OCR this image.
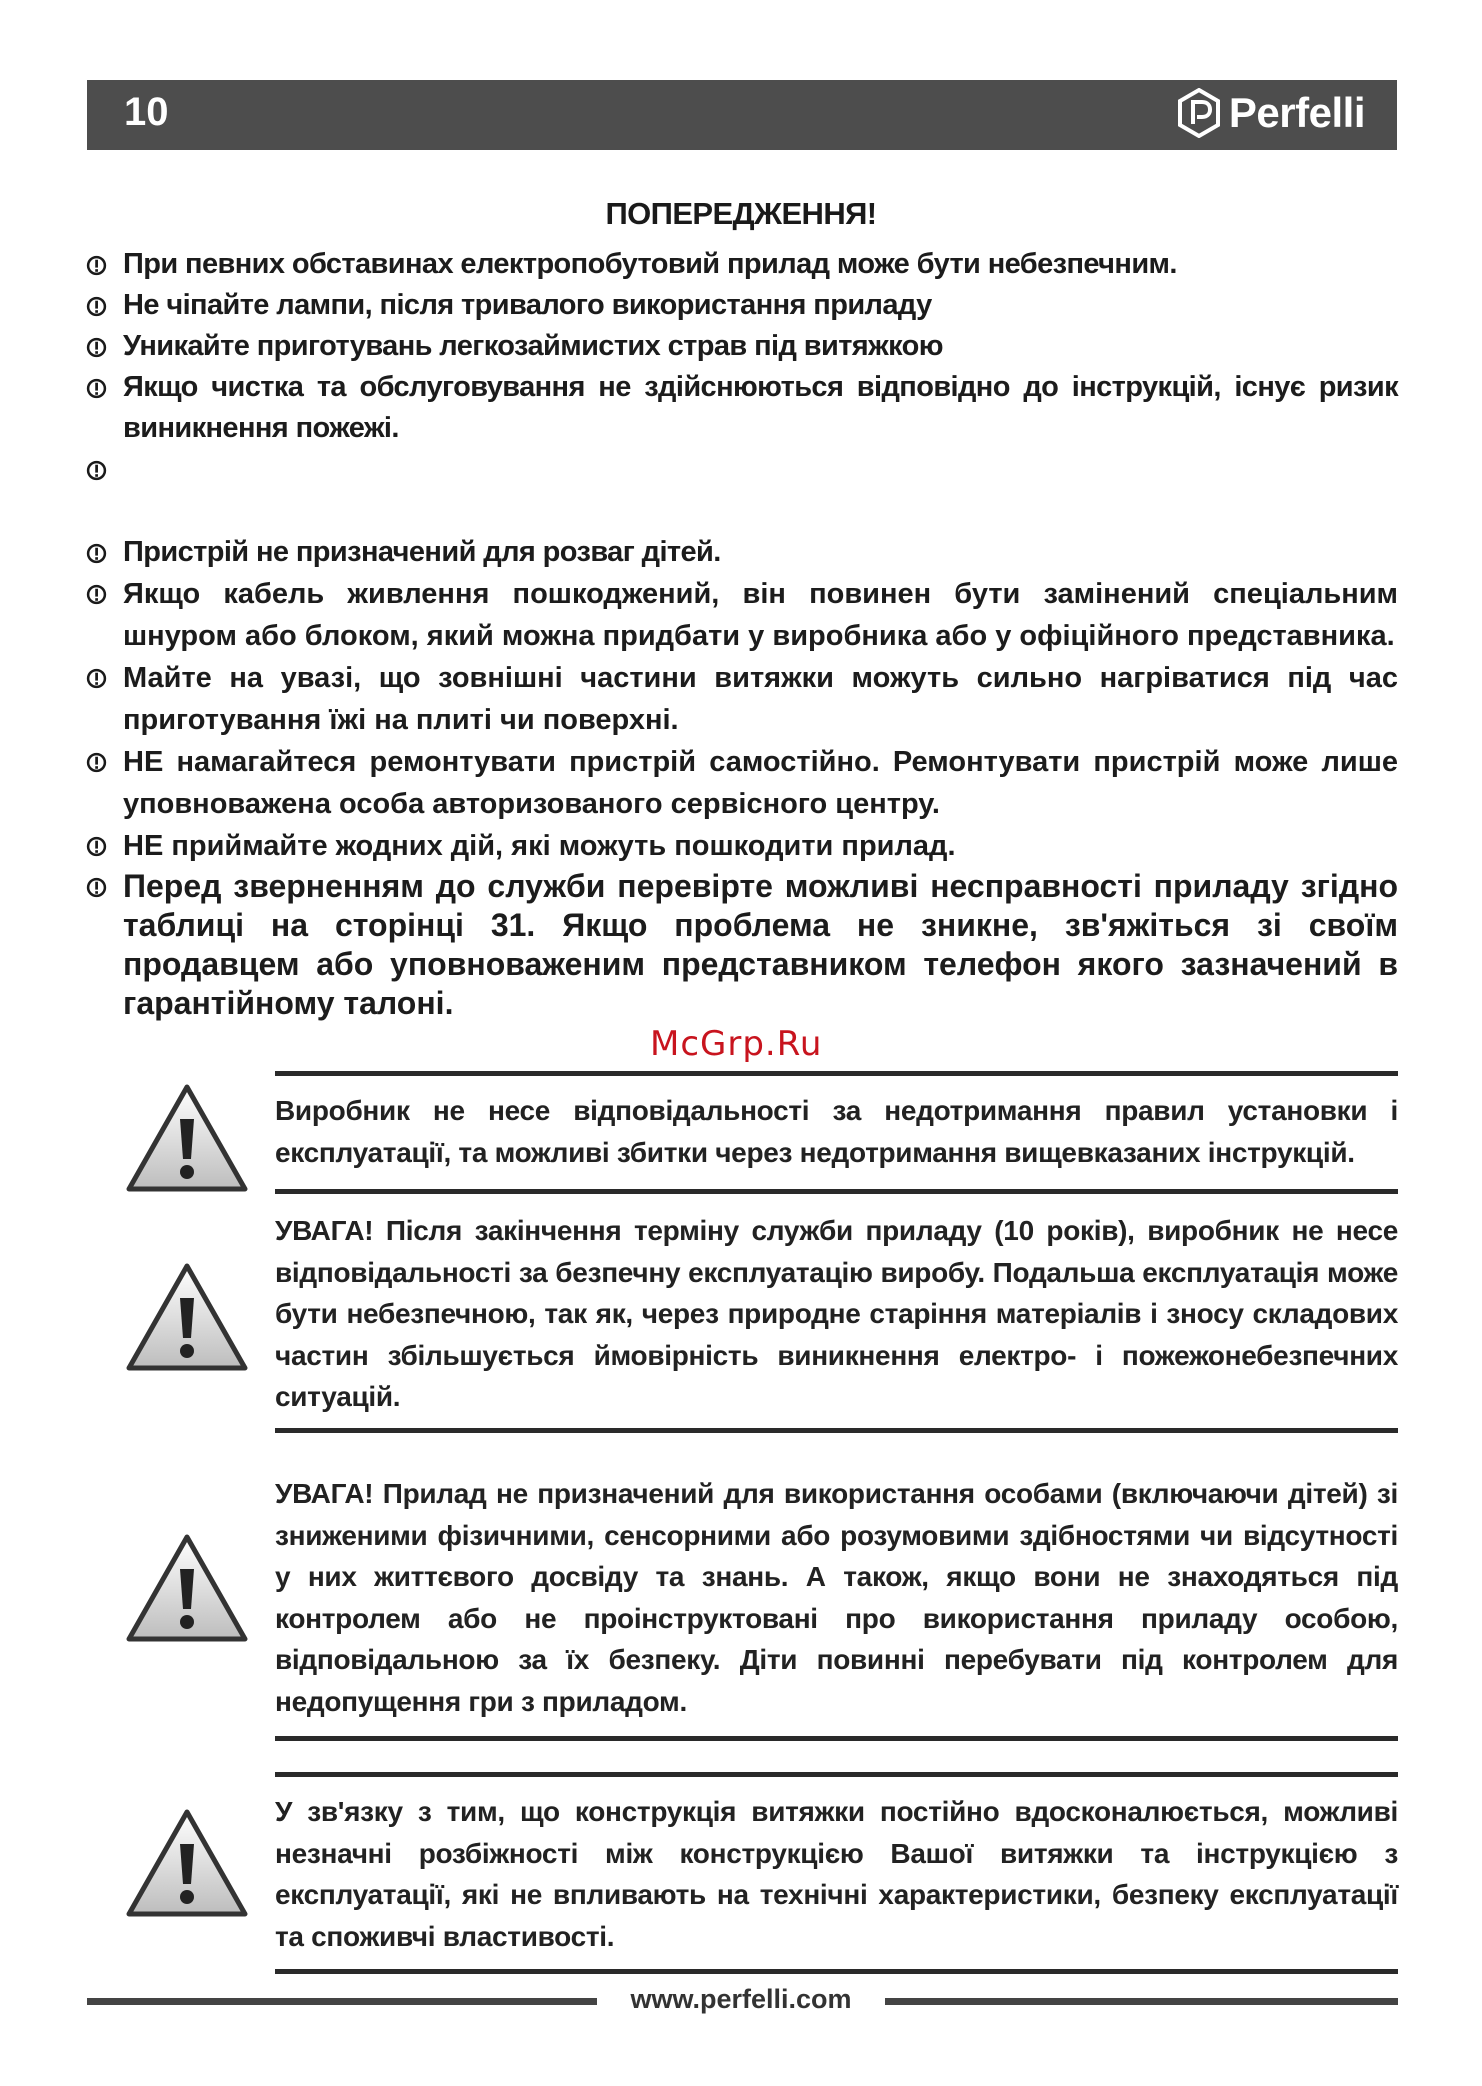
10	Perfelli
ПОПЕРЕДЖЕННЯ!
При певних обставинах електропобутовий прилад може бути небезпечним.
Не чіпайте лампи, після тривалого використання приладу
Уникайте приготувань легкозаймистих страв під витяжкою
Якщо чистка та обслуговування не здійснюються відповідно до інструкцій, існує ризик виникнення пожежі.

Пристрій не призначений для розваг дітей.
Якщо кабель живлення пошкоджений, він повинен бути замінений спеціальним шнуром або блоком, який можна придбати у виробника або у офіційного представника.
Майте на увазі, що зовнішні частини витяжки можуть сильно нагріватися під час приготування їжі на плиті чи поверхні.
НЕ намагайтеся ремонтувати пристрій самостійно. Ремонтувати пристрій може лише уповноважена особа авторизованого сервісного центру.
НЕ приймайте жодних дій, які можуть пошкодити прилад.
Перед зверненням до служби перевірте можливі несправності приладу згідно таблиці на сторінці 31. Якщо проблема не зникне, зв'яжіться зі своїм продавцем або уповноваженим представником телефон якого зазначений в гарантійному талоні.
McGrp.Ru
Виробник не несе відповідальності за недотримання правил установки і експлуатації, та можливі збитки через недотримання вищевказаних інструкцій.
УВАГА! Після закінчення терміну служби приладу (10 років), виробник не несе відповідальності за безпечну експлуатацію виробу. Подальша експлуатація може бути небезпечною, так як, через природне старіння матеріалів і зносу складових частин збільшується ймовірність виникнення електро- і пожежонебезпечних ситуацій.
УВАГА! Прилад не призначений для використання особами (включаючи дітей) зі зниженими фізичними, сенсорними або розумовими здібностями чи відсутності у них життєвого досвіду та знань. А також, якщо вони не знаходяться під контролем або не проінструктовані про використання приладу особою, відповідальною за їх безпеку. Діти повинні перебувати під контролем для недопущення гри з приладом.
У зв'язку з тим, що конструкція витяжки постійно вдосконалюється, можливі незначні розбіжності між конструкцією Вашої витяжки та інструкцією з експлуатації, які не впливають на технічні характеристики, безпеку експлуатації та споживчі властивості.
www.perfelli.com
